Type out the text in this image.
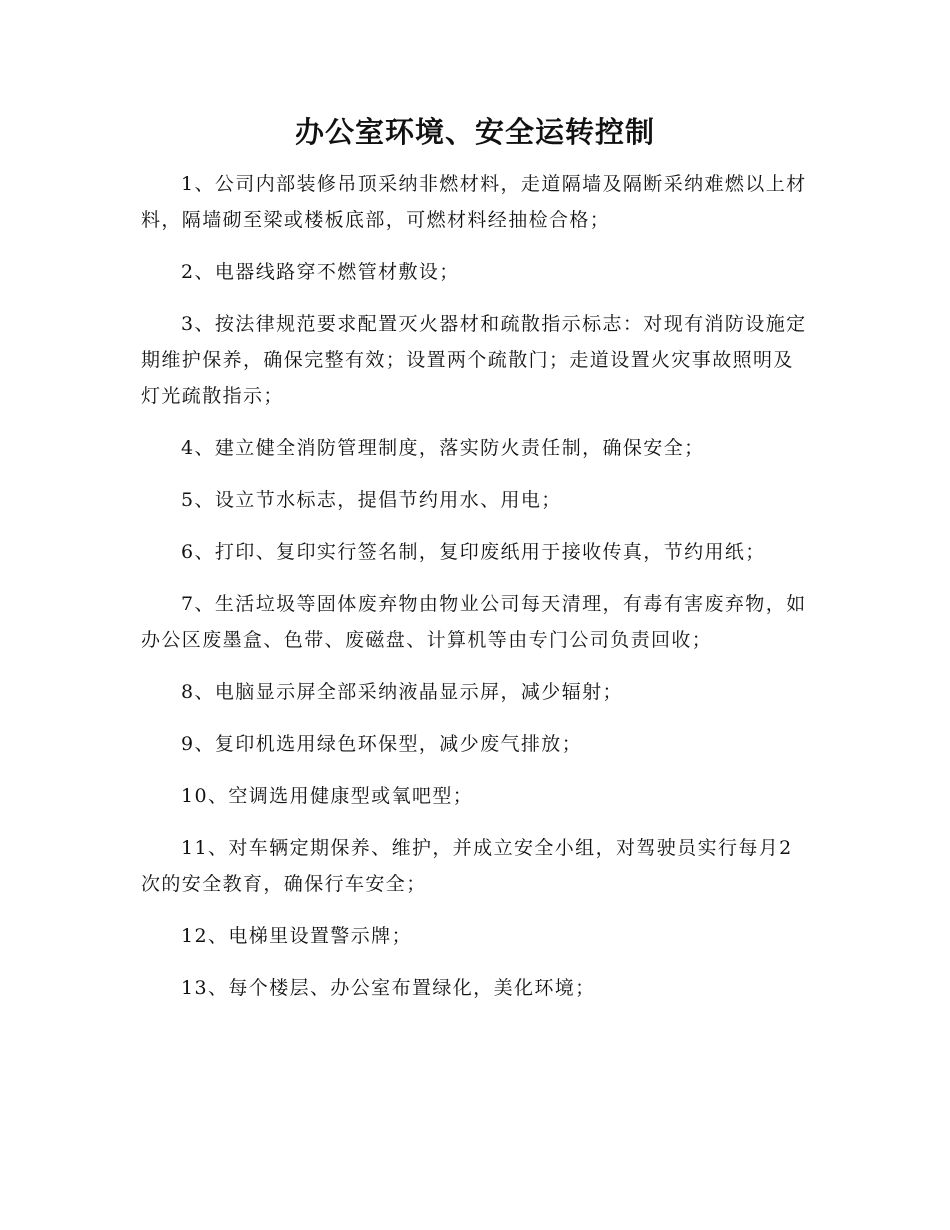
办公室环境、安全运转控制

1、公司内部装修吊顶采纳非燃材料，走道隔墙及隔断采纳难燃以上材料，隔墙砌至梁或楼板底部，可燃材料经抽检合格；

2、电器线路穿不燃管材敷设；

3、按法律规范要求配置灭火器材和疏散指示标志：对现有消防设施定期维护保养，确保完整有效；设置两个疏散门；走道设置火灾事故照明及灯光疏散指示；

4、建立健全消防管理制度，落实防火责任制，确保安全；

5、设立节水标志，提倡节约用水、用电；

6、打印、复印实行签名制，复印废纸用于接收传真，节约用纸；

7、生活垃圾等固体废弃物由物业公司每天清理，有毒有害废弃物，如办公区废墨盒、色带、废磁盘、计算机等由专门公司负责回收；

8、电脑显示屏全部采纳液晶显示屏，减少辐射；

9、复印机选用绿色环保型，减少废气排放；

10、空调选用健康型或氧吧型；

11、对车辆定期保养、维护，并成立安全小组，对驾驶员实行每月2次的安全教育，确保行车安全；

12、电梯里设置警示牌；

13、每个楼层、办公室布置绿化，美化环境；
